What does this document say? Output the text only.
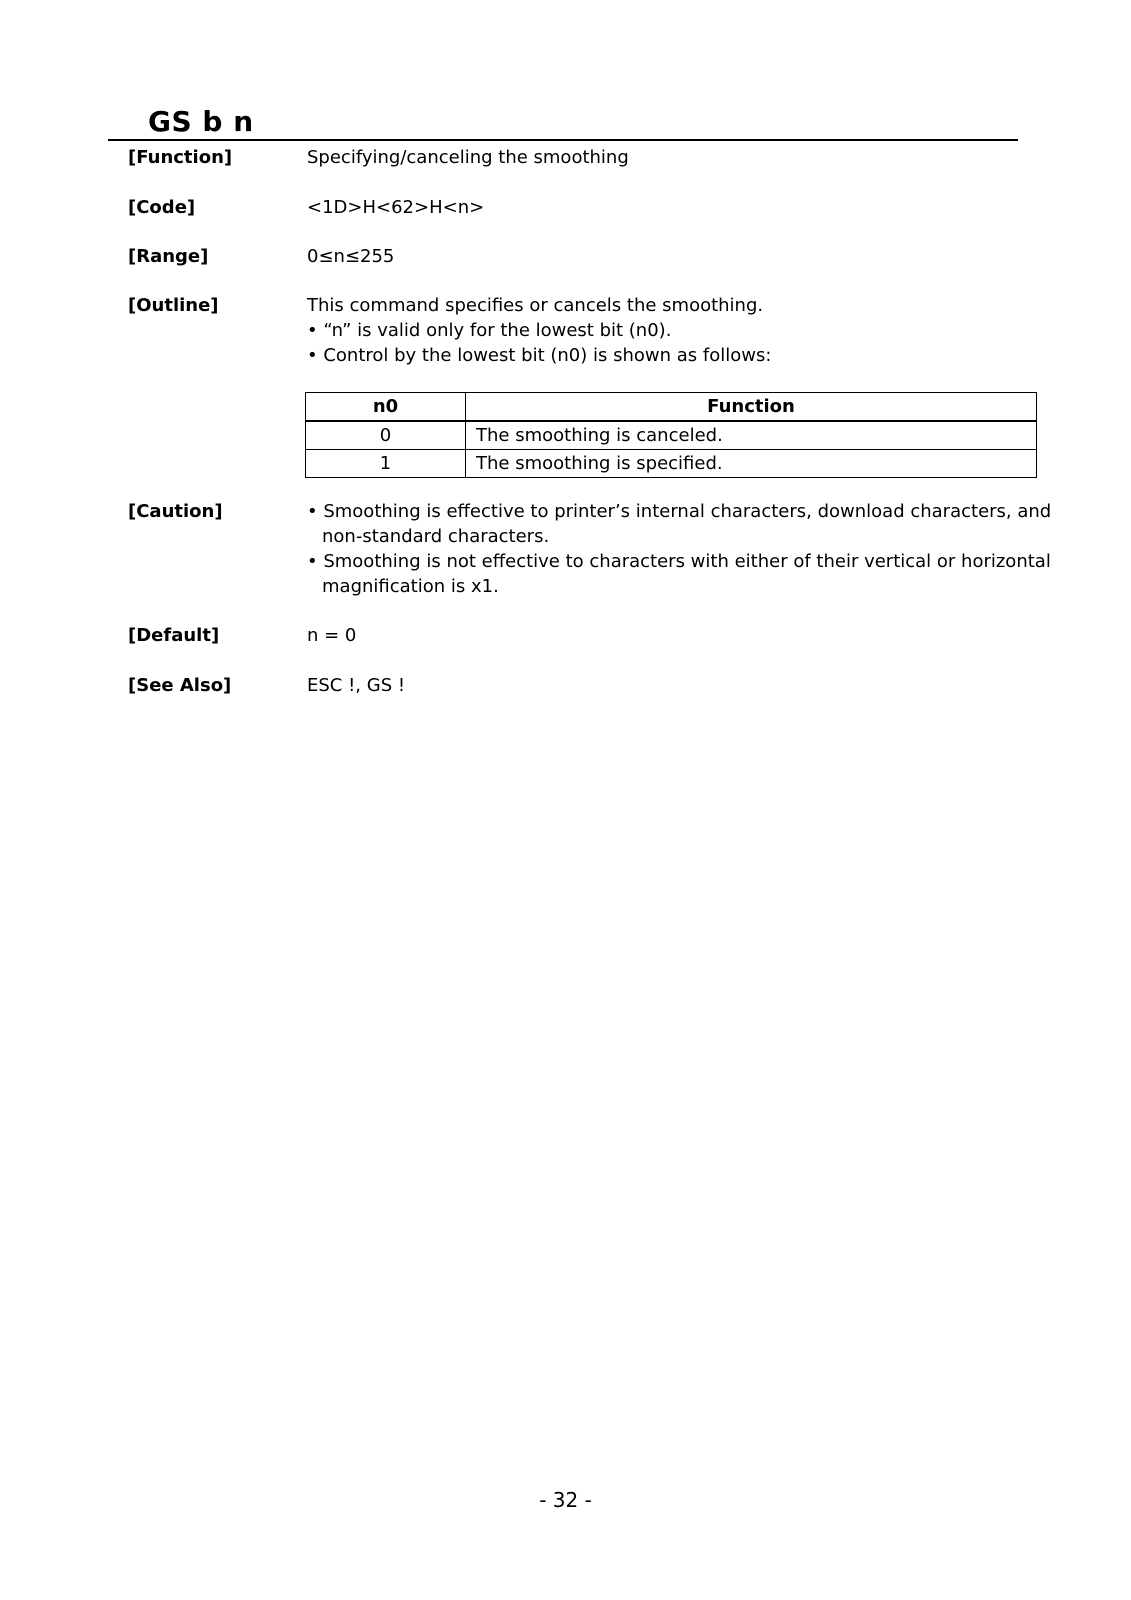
GS b n
[Function]	Specifying/canceling the smoothing
[Code]	<1D>H<62>H<n>
[Range]	0≤n≤255
[Outline]	This command specifies or cancels the smoothing.
• “n” is valid only for the lowest bit (n0).
• Control by the lowest bit (n0) is shown as follows:
n0	Function
0	The smoothing is canceled.
1	The smoothing is specified.
[Caution]	• Smoothing is effective to printer’s internal characters, download characters, and
non-standard characters.
• Smoothing is not effective to characters with either of their vertical or horizontal
magnification is x1.
[Default]	n = 0
[See Also]	ESC !, GS !
- 32 -
